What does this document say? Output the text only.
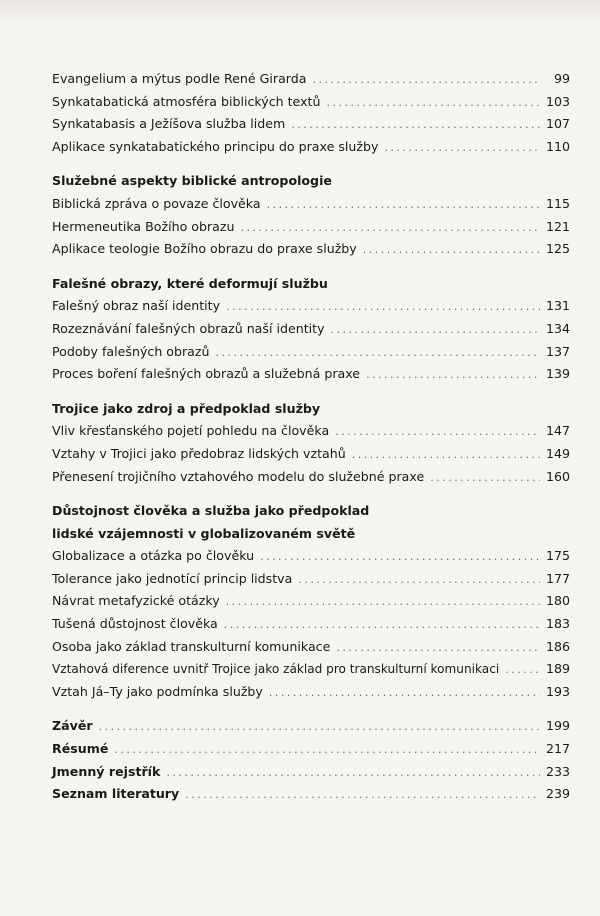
Evangelium a mýtus podle René Girarda . . .	99
Synkatabatická atmosféra biblických textů . . .	103
Synkatabasis a Ježíšova služba lidem . . .	107
Aplikace synkatabatického principu do praxe služby . . .	110
Služebné aspekty biblické antropologie
Biblická zpráva o povaze člověka . . .	115
Hermeneutika Božího obrazu . . .	121
Aplikace teologie Božího obrazu do praxe služby . . .	125
Falešné obrazy, které deformují službu
Falešný obraz naší identity . . .	131
Rozeznávání falešných obrazů naší identity . . .	134
Podoby falešných obrazů . . .	137
Proces boření falešných obrazů a služebná praxe . . .	139
Trojice jako zdroj a předpoklad služby
Vliv křesťanského pojetí pohledu na člověka . . .	147
Vztahy v Trojici jako předobraz lidských vztahů . . .	149
Přenesení trojičního vztahového modelu do služebné praxe . . .	160
Důstojnost člověka a služba jako předpoklad
lidské vzájemnosti v globalizovaném světě
Globalizace a otázka po člověku . . .	175
Tolerance jako jednotící princip lidstva . . .	177
Návrat metafyzické otázky . . .	180
Tušená důstojnost člověka . . .	183
Osoba jako základ transkulturní komunikace . . .	186
Vztahová diference uvnitř Trojice jako základ pro transkulturní komunikaci . . .	189
Vztah Já–Ty jako podmínka služby . . .	193
Závěr . . .	199
Résumé . . .	217
Jmenný rejstřík . . .	233
Seznam literatury . . .	239
